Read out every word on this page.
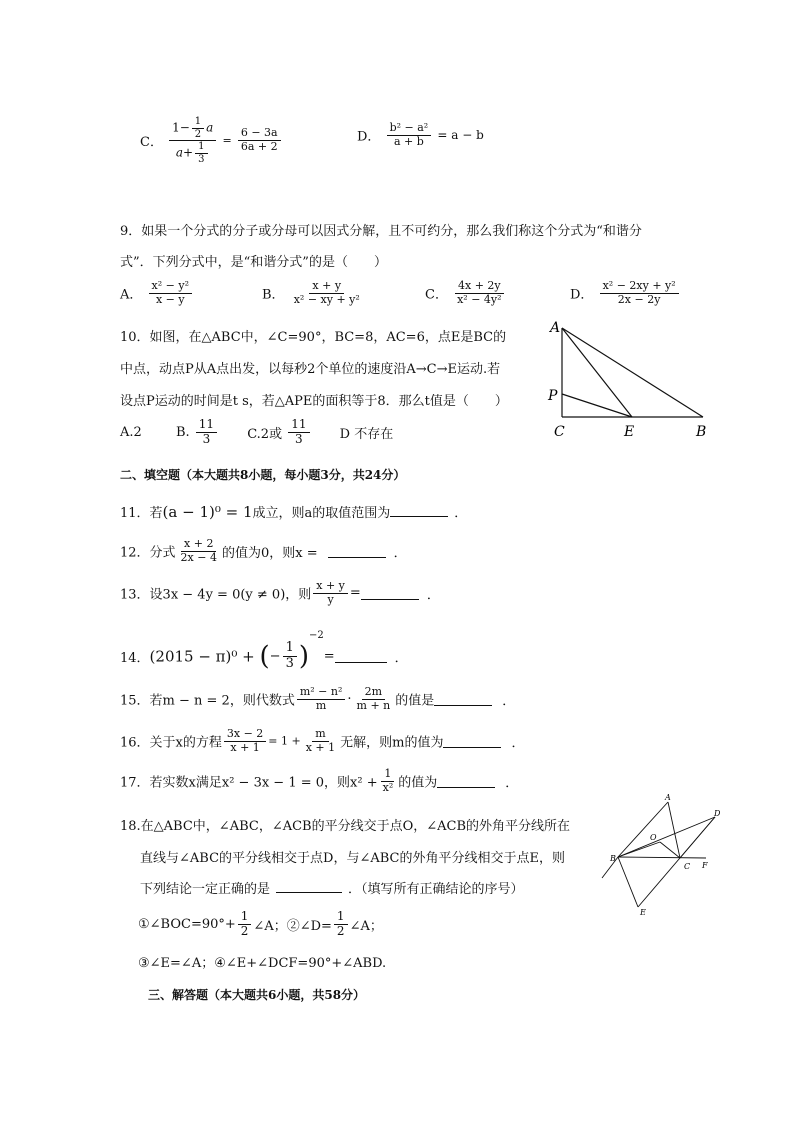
C． $\frac{1- \frac{1}{2} a}{a+ \frac{1}{3}} = \frac{6 - 3a}{6a + 2}$	D． $\frac{\text{b² − a²}}{a + b} = a - b$
9．如果一个分式的分子或分母可以因式分解，且不可约分，那么我们称这个分式为“和谐分
式”．下列分式中，是“和谐分式”的是（　　）
A． $\frac{\text{x² − y²}}{x - y}$	B． $\frac{x + y}{\text{x² − xy + y²}}$	C． $\frac{4x + 2y}{\text{x² − 4y²}}$	D． $\frac{\text{x² − 2xy + y²}}{2x - 2y}$
10．如图，在△ABC中，∠C=90°，BC=8，AC=6，点E是BC的
中点，动点P从A点出发，以每秒2个单位的速度沿A→C→E运动.若
设点P运动的时间是t s，若△APE的面积等于8．那么t值是（　　）
A.2	B. $\frac{11}{3} C.2$或 $\frac{11}{3}$ D 不存在
A
P
C	E	B
二、填空题（本大题共8小题，每小题3分，共24分）
11．若(a − 1)⁰ = 1成立，则a的取值范围为	．
12．分式 $\frac{x + 2}{2x - 4}$ 的值为0，则x =	．
13．设3x − 4y = 0(y ≠ 0)，则 $\frac{x + y}{y}$ =	．
14．(2015 − π)⁰ + (− $\frac{1}{3} )^{-2}=$	．
15．若m − n = 2，则代数式 $\frac{\text{m² − n²}}{m} \cdot \frac{2m}{m + n}$ 的值是	．
16．关于x的方程 $\frac{3x - 2}{x + 1} = 1 + \frac{m}{x + 1}$ 无解，则m的值为	．
17．若实数x满足x² − 3x − 1 = 0，则$x^2 + \frac{1}{\text{x²}}$ 的值为	．
18.在△ABC中，∠ABC，∠ACB的平分线交于点O，∠ACB的外角平分线所在
直线与∠ABC的平分线相交于点D，与∠ABC的外角平分线相交于点E，则
下列结论一定正确的是	．（填写所有正确结论的序号）
①∠BOC=90°+ $\frac{1}{2}$ ∠A；②∠D= $\frac{1}{2}$ ∠A；
③∠E=∠A；④∠E+∠DCF=90°+∠ABD.
A
D
O
B
C F
E
三、解答题（本大题共6小题，共58分）
